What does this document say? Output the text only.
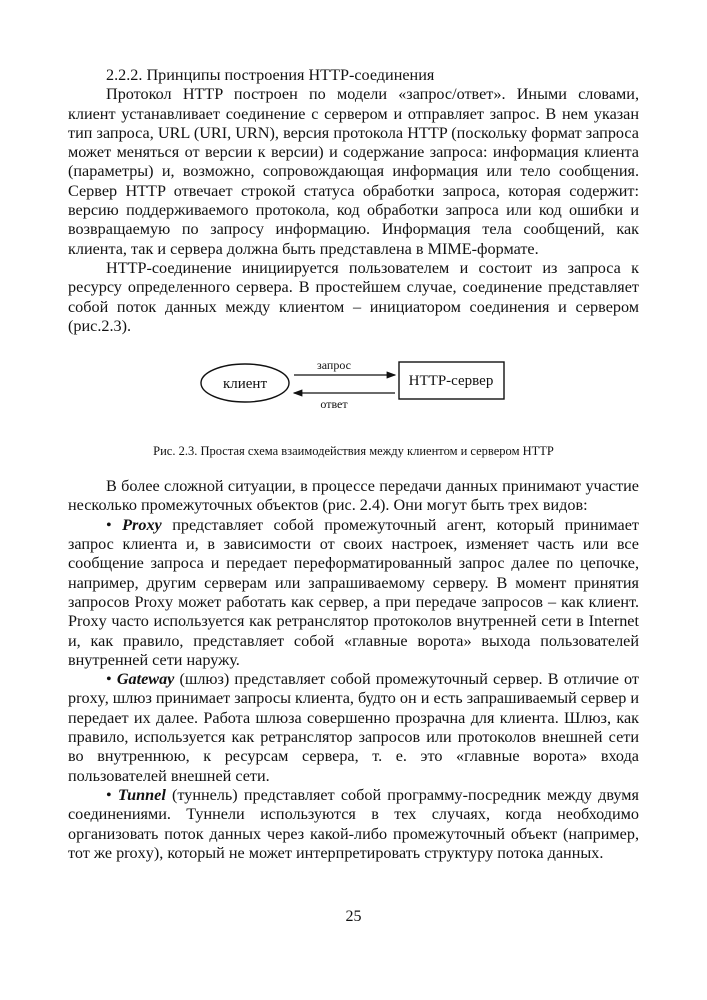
2.2.2. Принципы построения HTTP-соединения

Протокол HTTP построен по модели «запрос/ответ». Иными словами, клиент устанавливает соединение с сервером и отправляет запрос. В нем указан тип запроса, URL (URI, URN), версия протокола HTTP (поскольку формат запроса может меняться от версии к версии) и содержание запроса: информация клиента (параметры) и, возможно, сопровождающая информация или тело сообщения. Сервер HTTP отвечает строкой статуса обработки запроса, которая содержит: версию поддерживаемого протокола, код обработки запроса или код ошибки и возвращаемую по запросу информацию. Информация тела сообщений, как клиента, так и сервера должна быть представлена в MIME-формате.

HTTP-соединение инициируется пользователем и состоит из запроса к ресурсу определенного сервера. В простейшем случае, соединение представляет собой поток данных между клиентом – инициатором соединения и сервером (рис.2.3).

клиент	HTTP-сервер
запрос
ответ

Рис. 2.3. Простая схема взаимодействия между клиентом и сервером HTTP

В более сложной ситуации, в процессе передачи данных принимают участие несколько промежуточных объектов (рис. 2.4). Они могут быть трех видов:

• Proxy представляет собой промежуточный агент, который принимает запрос клиента и, в зависимости от своих настроек, изменяет часть или все сообщение запроса и передает переформатированный запрос далее по цепочке, например, другим серверам или запрашиваемому серверу. В момент принятия запросов Proxy может работать как сервер, а при передаче запросов – как клиент. Proxy часто используется как ретранслятор протоколов внутренней сети в Internet и, как правило, представляет собой «главные ворота» выхода пользователей внутренней сети наружу.

• Gateway (шлюз) представляет собой промежуточный сервер. В отличие от proxy, шлюз принимает запросы клиента, будто он и есть запрашиваемый сервер и передает их далее. Работа шлюза совершенно прозрачна для клиента. Шлюз, как правило, используется как ретранслятор запросов или протоколов внешней сети во внутреннюю, к ресурсам сервера, т. е. это «главные ворота» входа пользователей внешней сети.

• Tunnel (туннель) представляет собой программу-посредник между двумя соединениями. Туннели используются в тех случаях, когда необходимо организовать поток данных через какой-либо промежуточный объект (например, тот же proxy), который не может интерпретировать структуру потока данных.

25
